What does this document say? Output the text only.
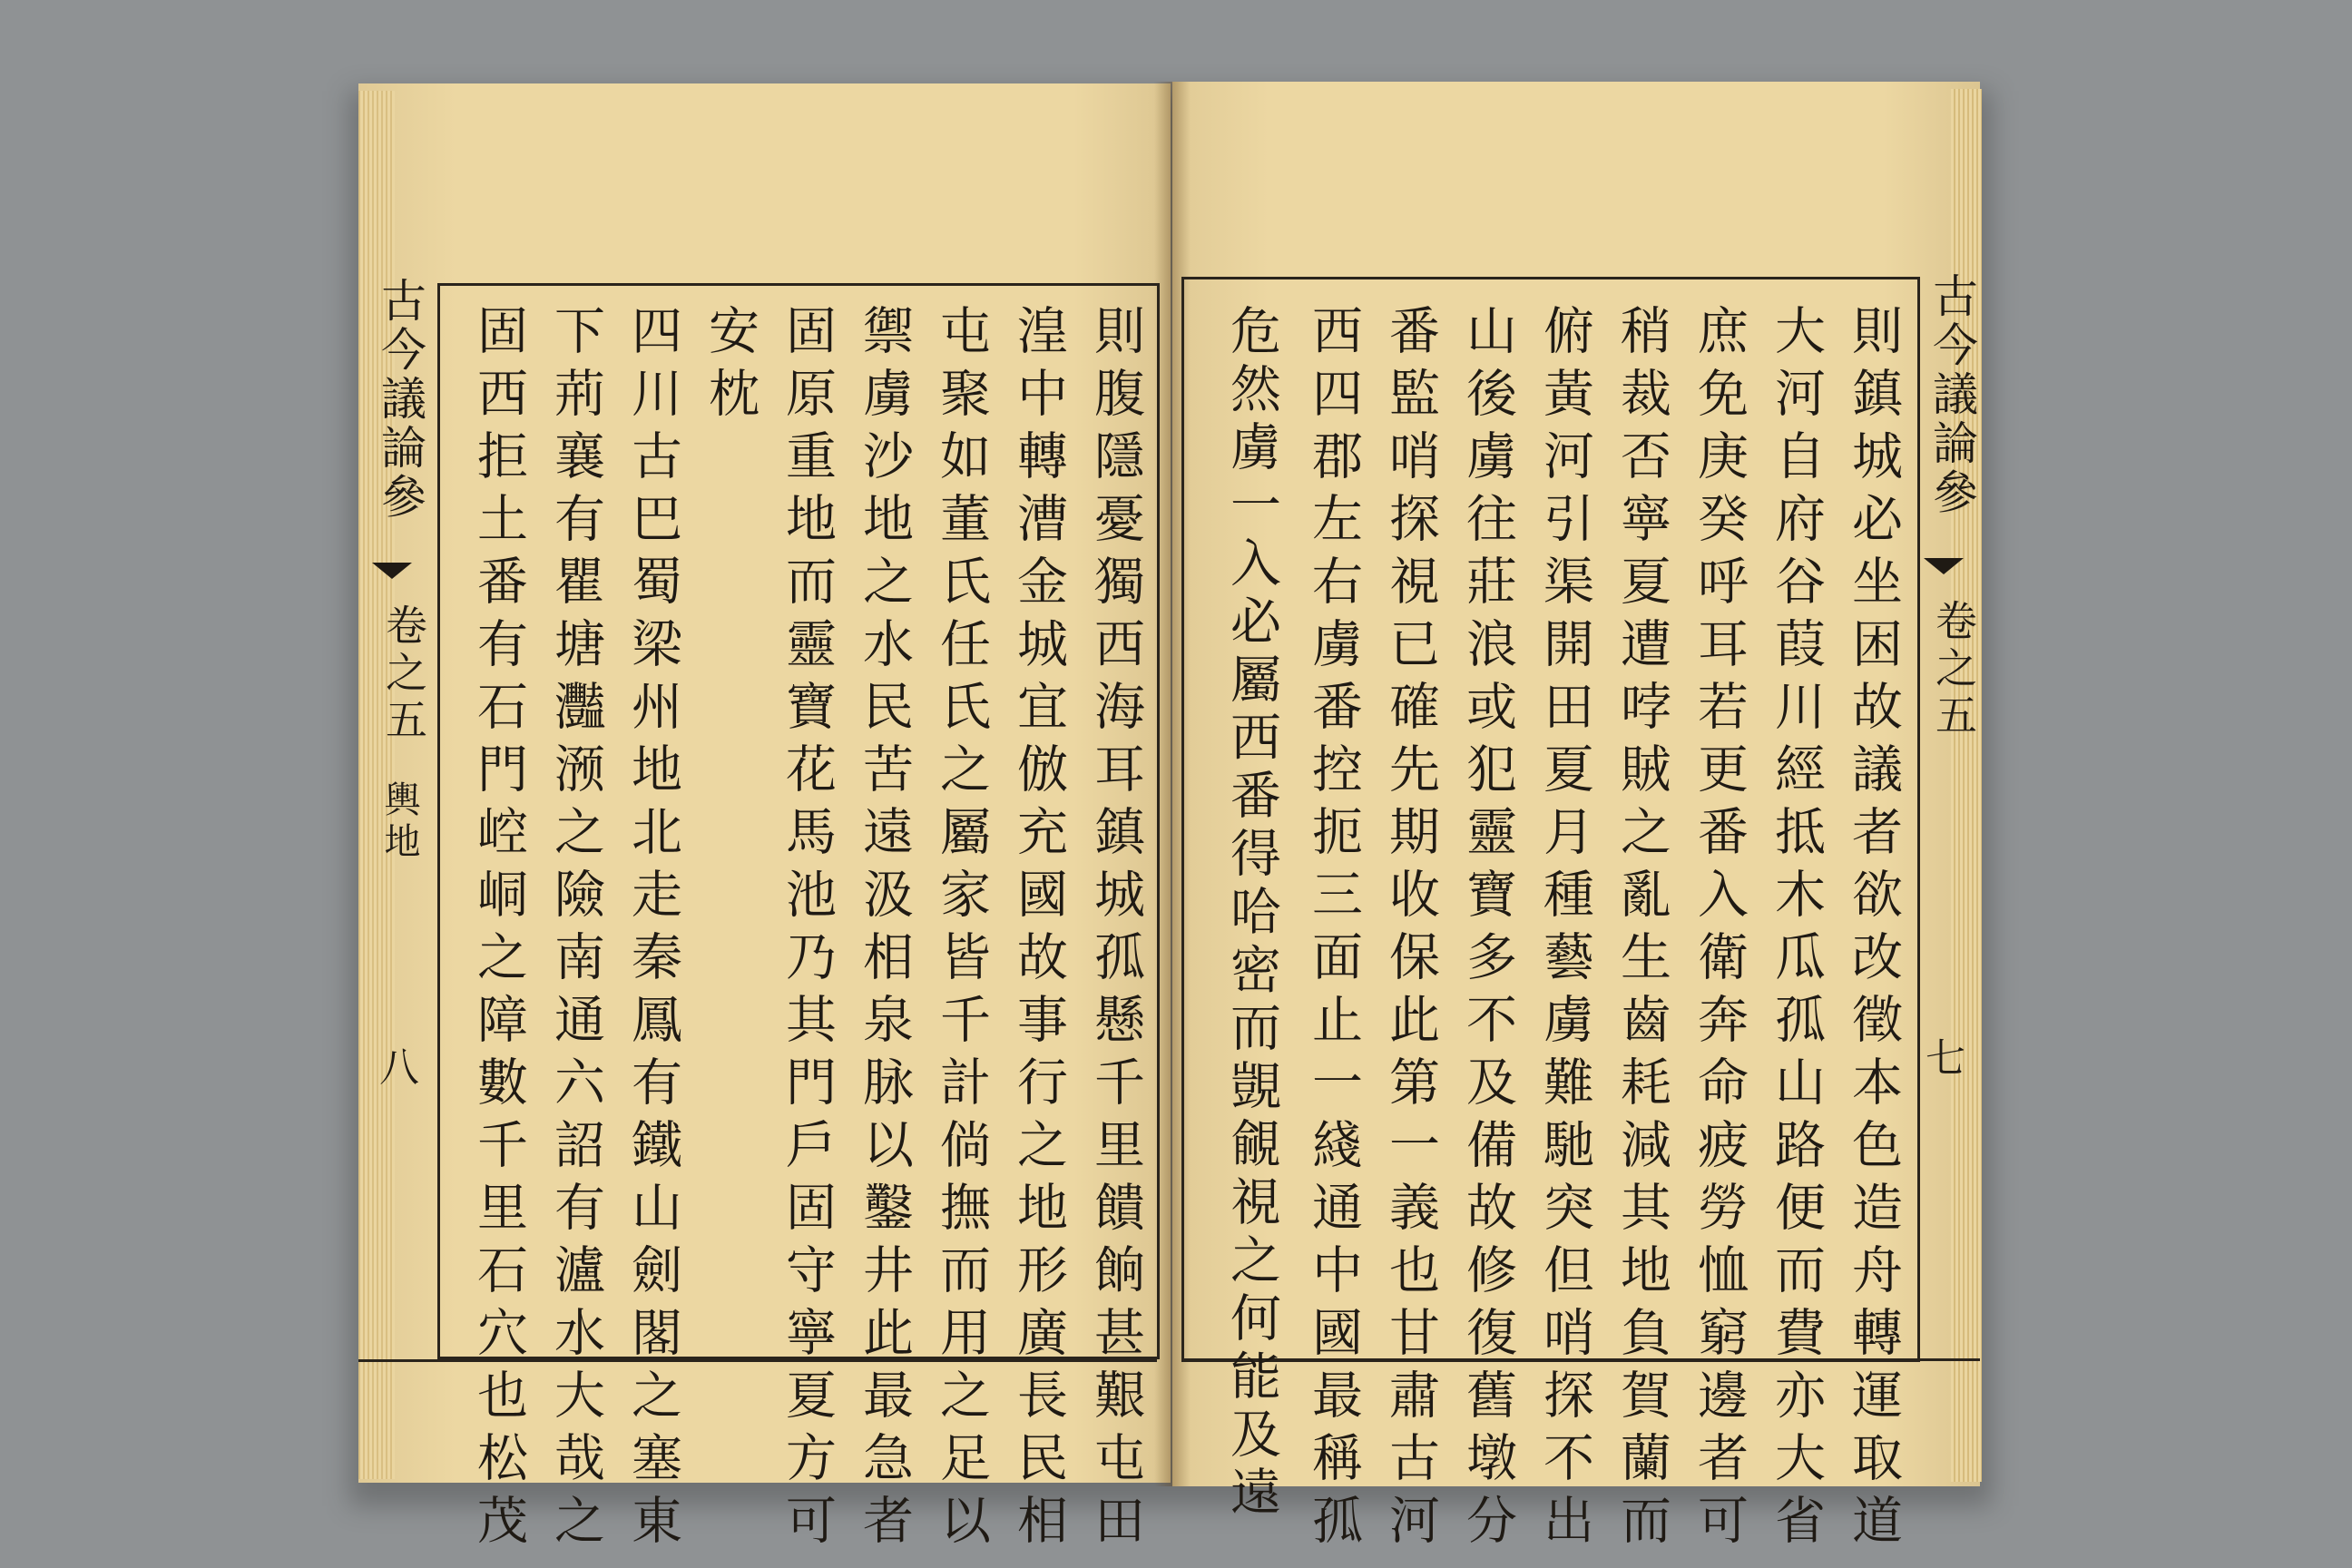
古今議論參
卷之五
輿地
八	則腹隱憂獨西海耳鎮城孤懸千里饋餉甚艱屯田
湟中轉漕金城宜倣充國故事行之地形廣長民相
屯聚如董氏任氏之屬家皆千計倘撫而用之足以
禦虜沙地之水民苦遠汲相泉脉以鑿井此最急者
固原重地而靈寶花馬池乃其門戶固守寧夏方可
安枕
四川古巴蜀梁州地北走秦鳳有鐵山劍閣之塞東
下荊襄有瞿塘灩滪之險南通六詔有瀘水大哉之
固西拒土番有石門崆峒之障數千里石穴也松茂	古今議論參
卷之五
七
則鎮城必坐困故議者欲改徵本色造舟轉運取道
大河自府谷葭川經抵木瓜孤山路便而費亦大省
庶免庚癸呼耳若更番入衛奔命疲勞恤窮邊者可
稍裁否寧夏遭哱賊之亂生齒耗減其地負賀蘭而
俯黃河引渠開田夏月種藝虜難馳突但哨探不出
山後虜往莊浪或犯靈寶多不及備故修復舊墩分
番監哨探視已確先期收保此第一義也甘肅古河
西四郡左右虜番控扼三面止一綫通中國最稱孤
危然虜一入必屬西番得哈密而覬覦視之何能及遠
